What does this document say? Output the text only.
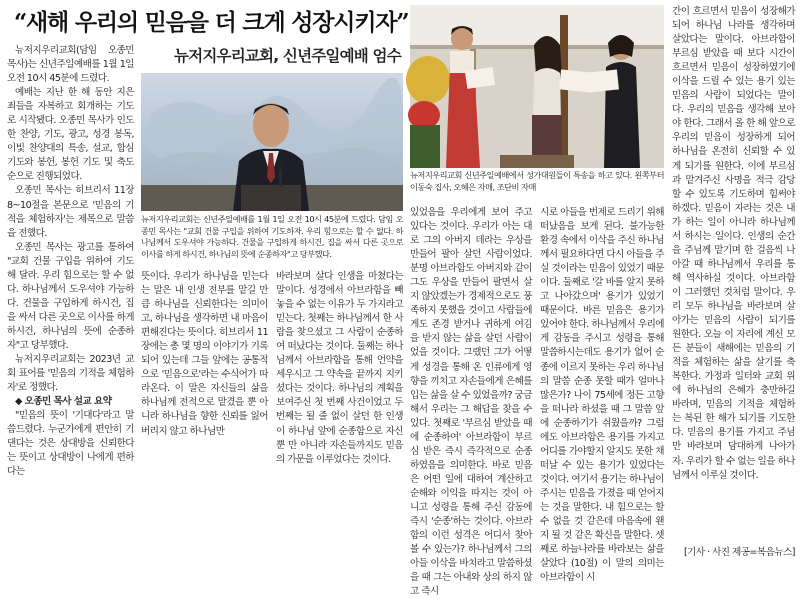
“새해 우리의 믿음을 더 크게 성장시키자”

뉴저지우리교회(담임 오종민 목사)는 신년주일예배를 1월 1일 오전 10시 45분에 드렸다.

예배는 지난 한 해 동안 지은 죄들을 자복하고 회개하는 기도로 시작됐다. 오종민 목사가 인도한 찬양, 기도, 광고, 성경 봉독, 이빛 찬양대의 특송, 설교, 합심 기도와 봉헌, 봉헌 기도 및 축도 순으로 진행되었다.

오종민 목사는 히브리서 11장 8~10절을 본문으로 '믿음의 기적을 체험하자'는 제목으로 말씀을 전했다.

오종민 목사는 광고를 통하여 "교회 건물 구입을 위하여 기도해 달라. 우리 힘으로는 할 수 없다. 하나님께서 도우셔야 가능하다. 건물을 구입하게 하시건, 집을 싸서 다른 곳으로 이사를 하게 하시건, 하나님의 뜻에 순종하자"고 당부했다.

뉴저지우리교회는 2023년 교회 표어를 '믿음의 기적을 체험하자'로 정했다.

◆ 오종민 목사 설교 요약

"믿음의 뜻이 '기대다'라고 말씀드렸다. 누군가에게 편안히 기댄다는 것은 상대방을 신뢰한다는 뜻이고 상대방이 나에게 편하다는

뉴저지우리교회, 신년주일예배 엄수
뉴저지우리교회는 신년주일예배를 1월 1일 오전 10시 45분에 드렸다. 담임 오종민 목사는 "교회 건물 구입을 위하여 기도하자. 우리 힘으로는 할 수 없다. 하나님께서 도우셔야 가능하다. 건물을 구입하게 하시건, 집을 싸서 다른 곳으로 이사를 하게 하시건, 하나님의 뜻에 순종하자"고 당부했다.

뜻이다. 우리가 하나님을 믿는다는 말은 내 인생 전부를 맡길 만큼 하나님을 신뢰한다는 의미이고, 하나님을 생각하면 내 마음이 편해진다는 뜻이다. 히브리서 11장에는 총 몇 명의 이야기가 기록되어 있는데 그들 앞에는 공통적으로 '믿음으로'라는 수식어가 따라온다. 이 말은 자신들의 삶을 하나님께 전적으로 맡겼을 뿐 아니라 하나님을 향한 신뢰를 잃어버리지 않고 하나님만

바라보며 살다 인생을 마쳤다는 말이다. 성경에서 아브라함을 빼놓을 수 없는 이유가 두 가지라고 믿는다. 첫째는 하나님께서 한 사람을 찾으셨고 그 사람이 순종하여 떠났다는 것이다. 둘째는 하나님께서 아브라함을 통해 언약을 세우시고 그 약속을 끝까지 지키셨다는 것이다. 하나님의 계획을 보여주신 첫 번째 사건이었고 두 번째는 될 줄 없이 살던 한 인생이 하나님 앞에 순종함으로 자신 뿐 만 아니라 자손들까지도 믿음의 가문을 이루었다는 것이다.

뉴저지우리교회 신년주일예배에서 성가대원들이 특송을 하고 있다. 왼쪽부터 이동숙 집사, 오혜은 자매, 조단비 자매

있었음을 우리에게 보여 주고 있다는 것이다. 우리가 아는 대로 그의 아버지 데라는 우상을 만들어 팔아 살던 사람이었다. 분명 아브라함도 아버지와 같이 그도 우상을 만들어 팔면서 살지 않았겠는가 경제적으로도 풍족하지 못했을 것이고 사람들에게도 존경 받거나 귀하게 여김을 받지 않는 삶을 살던 사람이었을 것이다. 그랬던 그가 어떻게 성경을 통해 온 인류에게 영향을 끼치고 자손들에게 은혜를 입는 삶을 살 수 있었을까? 궁금해서 우리는 그 해답을 찾을 수 있다. 첫째로 '부르심 받았을 때에 순종하여' 아브라함이 부르심 받은 즉시 즉각적으로 순종하였음을 의미한다. 바로 믿음은 어떤 일에 대하여 계산하고 순해와 이익을 따지는 것이 아니고 성령을 통해 주신 감동에 즉시 '순종'하는 것이다. 아브라함의 이런 성격은 어디서 찾아 볼 수 있는가? 하나님께서 그의 아들 이삭을 바치라고 말씀하셨을 때 그는 아내와 상의 하지 않고 즉시

시로 아들을 번제로 드리기 위해 떠났음을 보게 된다. 불가능한 환경 속에서 이삭을 주신 하나님께서 필요하다면 다시 아들을 주실 것이라는 믿음이 있었기 때문이다. 둘째로 '갈 바를 알지 못하고 나아갔으며' 용기가 있었기 때문이다. 바른 믿음은 용기가 있어야 한다. 하나님께서 우리에게 감동을 주시고 성령을 통해 말씀하시는데도 용기가 없어 순종에 이르지 못하는 우리 하나님의 말씀 순종 못할 때가 얼마나 많은가? 나이 75세에 정든 고향을 떠나라 하셨을 때 그 말씀 앞에 순종하기가 쉬웠을까? 그럼에도 아브라함은 용기를 가지고 어디를 가야할지 알지도 못한 채 떠날 수 있는 용기가 있었다는 것이다. 여기서 용기는 하나님이 주시는 믿음을 가졌을 때 얻어지는 것을 말한다. 내 힘으로는 할 수 없을 것 같은데 마음속에 왠지 될 것 같은 확신을 말한다. 셋째로 하늘나라를 바라보는 삶을 살았다 (10절) 이 말의 의미는 아브라함이 시

간이 흐르면서 믿음이 성장해가되어 하나님 나라를 생각하며 살았다는 말이다. 아브라함이 부르심 받았을 때 보다 시간이 흐르면서 믿음이 성장하였기에 이삭을 드릴 수 있는 용기 있는 믿음의 사람이 되었다는 말이다. 우리의 믿음을 생각해 보아야 한다. 그래서 올 한 해 앞으로 우리의 믿음이 성장하게 되어 하나님을 온전히 신뢰할 수 있게 되기를 원한다. 이에 부르심과 맡겨주신 사명을 적극 감당할 수 있도록 기도하며 힘써야 하겠다. 믿음이 자라는 것은 내가 하는 일이 아니라 하나님께서 하시는 일이다. 인생의 순간을 주님께 맡기며 한 걸음씩 나아갈 때 하나님께서 우리를 통해 역사하실 것이다. 아브라함이 그러했던 것처럼 말이다. 우리 모두 하나님을 바라보며 살아가는 믿음의 사람이 되기를 원한다. 오늘 이 자리에 계신 모든 분들이 새해에는 믿음의 기적을 체험하는 삶을 살기를 축복한다. 가정과 일터와 교회 위에 하나님의 은혜가 충만하길 바라며, 믿음의 기적을 체험하는 복된 한 해가 되기를 기도한다. 믿음의 용기를 가지고 주님만 바라보며 담대하게 나아가자. 우리가 할 수 없는 일을 하나님께서 이루실 것이다.

[기사 · 사진 제공=복음뉴스]
